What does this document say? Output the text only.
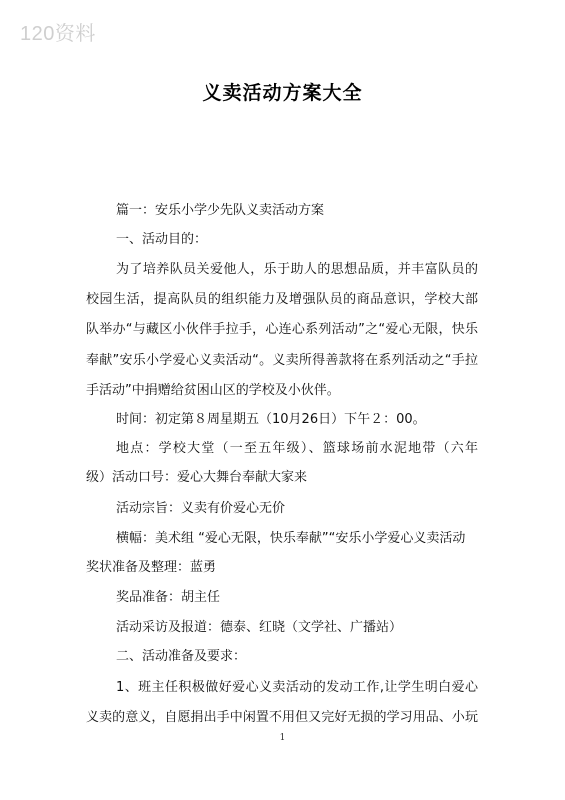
120资料
义卖活动方案大全
篇一：安乐小学少先队义卖活动方案
一、活动目的：
为了培养队员关爱他人，乐于助人的思想品质，并丰富队员的
校园生活，提高队员的组织能力及增强队员的商品意识，学校大部
队举办“与藏区小伙伴手拉手，心连心系列活动”之“爱心无限，快乐
奉献”安乐小学爱心义卖活动“。义卖所得善款将在系列活动之“手拉
手活动”中捐赠给贫困山区的学校及小伙伴。
时间：初定第８周星期五（10月26日）下午２：00。
地点：学校大堂（一至五年级）、篮球场前水泥地带（六年
级）活动口号：爱心大舞台奉献大家来
活动宗旨：义卖有价爱心无价
横幅：美术组 “爱心无限，快乐奉献”“安乐小学爱心义卖活动
奖状准备及整理：蓝勇
奖品准备：胡主任
活动采访及报道：德泰、红晓（文学社、广播站）
二、活动准备及要求：
1、班主任积极做好爱心义卖活动的发动工作,让学生明白爱心
义卖的意义，自愿捐出手中闲置不用但又完好无损的学习用品、小玩
1
